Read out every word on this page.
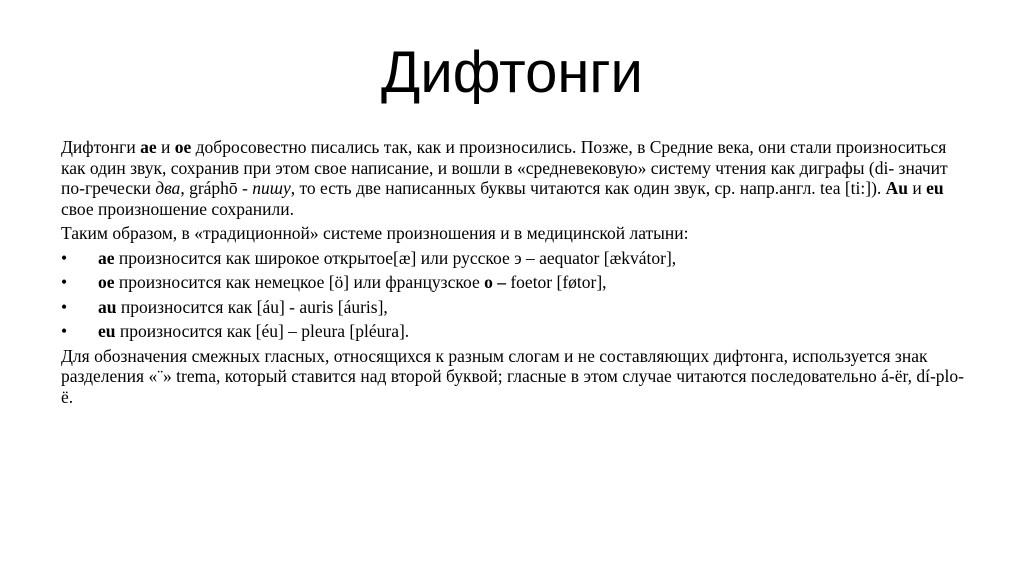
Дифтонги

Дифтонги ae и oe добросовестно писались так, как и произносились. Позже, в Средние века, они стали произноситься как один звук, сохранив при этом свое написание, и вошли в «средневековую» систему чтения как диграфы (di- значит по-гречески два, gráphō - пишу, то есть две написанных буквы читаются как один звук, ср. напр.англ. tea [ti:]). Au и eu свое произношение сохранили.

Таким образом, в «традиционной» системе произношения и в медицинской латыни:

• ae произносится как широкое открытое[æ] или русское э – aequator [ækvátor],
• oe произносится как немецкое [ö] или французское o – foetor [føtor],
• au произносится как [áu] - auris [áuris],
• eu произносится как [éu] – pleura [pléura].

Для обозначения смежных гласных, относящихся к разным слогам и не составляющих дифтонга, используется знак разделения «¨» trema, который ставится над второй буквой; гласные в этом случае читаются последовательно á-ёr, dí-plo-ё.
